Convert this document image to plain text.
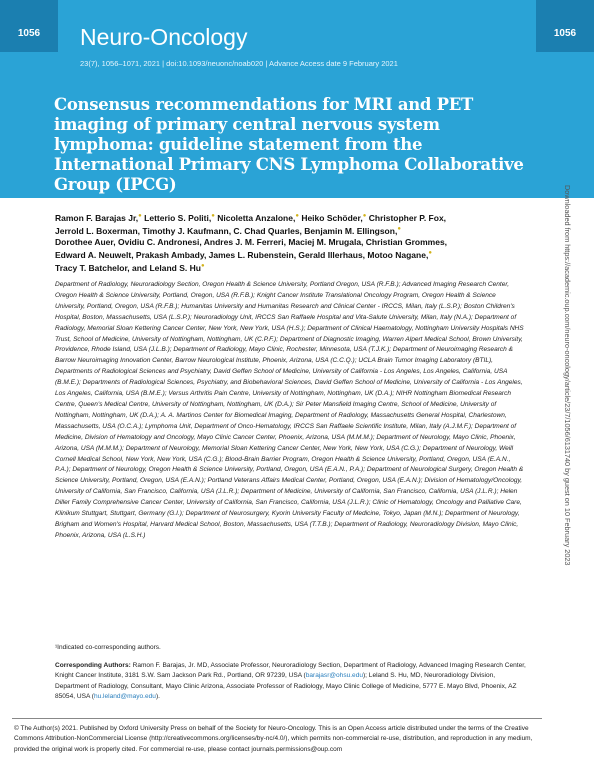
1056	1056
Neuro-Oncology
23(7), 1056–1071, 2021 | doi:10.1093/neuonc/noab020 | Advance Access date 9 February 2021
Consensus recommendations for MRI and PET imaging of primary central nervous system lymphoma: guideline statement from the International Primary CNS Lymphoma Collaborative Group (IPCG)
Ramon F. Barajas Jr,● Letterio S. Politi,● Nicoletta Anzalone,● Heiko Schöder,● Christopher P. Fox,
Jerrold L. Boxerman, Timothy J. Kaufmann, C. Chad Quarles, Benjamin M. Ellingson,●
Dorothee Auer, Ovidiu C. Andronesi, Andres J. M. Ferreri, Maciej M. Mrugala, Christian Grommes,
Edward A. Neuwelt, Prakash Ambady, James L. Rubenstein, Gerald Illerhaus, Motoo Nagane,●
Tracy T. Batchelor, and Leland S. Hu●
Department of Radiology, Neuroradiology Section, Oregon Health & Science University, Portland Oregon, USA (R.F.B.); Advanced Imaging Research Center, Oregon Health & Science University, Portland, Oregon, USA (R.F.B.); Knight Cancer Institute Translational Oncology Program, Oregon Health & Science University, Portland, Oregon, USA (R.F.B.); Humanitas University and Humanitas Research and Clinical Center - IRCCS, Milan, Italy (L.S.P.); Boston Children's Hospital, Boston, Massachusetts, USA (L.S.P.); Neuroradiology Unit, IRCCS San Raffaele Hospital and Vita-Salute University, Milan, Italy (N.A.); Department of Radiology, Memorial Sloan Kettering Cancer Center, New York, New York, USA (H.S.); Department of Clinical Haematology, Nottingham University Hospitals NHS Trust, School of Medicine, University of Nottingham, Nottingham, UK (C.P.F.); Department of Diagnostic Imaging, Warren Alpert Medical School, Brown University, Providence, Rhode Island, USA (J.L.B.); Department of Radiology, Mayo Clinic, Rochester, Minnesota, USA (T.J.K.); Department of Neuroimaging Research & Barrow Neuroimaging Innovation Center, Barrow Neurological Institute, Phoenix, Arizona, USA (C.C.Q.); UCLA Brain Tumor Imaging Laboratory (BTIL), Departments of Radiological Sciences and Psychiatry, David Geffen School of Medicine, University of California - Los Angeles, Los Angeles, California, USA (B.M.E.); Departments of Radiological Sciences, Psychiatry, and Biobehavioral Sciences, David Geffen School of Medicine, University of California - Los Angeles, Los Angeles, California, USA (B.M.E.); Versus Arthritis Pain Centre, University of Nottingham, Nottingham, UK (D.A.); NIHR Nottingham Biomedical Research Centre, Queen's Medical Centre, University of Nottingham, Nottingham, UK (D.A.); Sir Peter Mansfield Imaging Centre, School of Medicine, University of Nottingham, Nottingham, UK (D.A.); A. A. Martinos Center for Biomedical Imaging, Department of Radiology, Massachusetts General Hospital, Charlestown, Massachusetts, USA (O.C.A.); Lymphoma Unit, Department of Onco-Hematology, IRCCS San Raffaele Scientific Institute, Milan, Italy (A.J.M.F.); Department of Medicine, Division of Hematology and Oncology, Mayo Clinic Cancer Center, Phoenix, Arizona, USA (M.M.M.); Department of Neurology, Mayo Clinic, Phoenix, Arizona, USA (M.M.M.); Department of Neurology, Memorial Sloan Kettering Cancer Center, New York, New York, USA (C.G.); Department of Neurology, Weill Cornell Medical School, New York, New York, USA (C.G.); Blood-Brain Barrier Program, Oregon Health & Science University, Portland, Oregon, USA (E.A.N., P.A.); Department of Neurology, Oregon Health & Science University, Portland, Oregon, USA (E.A.N., P.A.); Department of Neurological Surgery, Oregon Health & Science University, Portland, Oregon, USA (E.A.N.); Portland Veterans Affairs Medical Center, Portland, Oregon, USA (E.A.N.); Division of Hematology/Oncology, University of California, San Francisco, California, USA (J.L.R.); Department of Medicine, University of California, San Francisco, California, USA (J.L.R.); Helen Diller Family Comprehensive Cancer Center, University of California, San Francisco, California, USA (J.L.R.); Clinic of Hematology, Oncology and Palliative Care, Klinikum Stuttgart, Stuttgart, Germany (G.I.); Department of Neurosurgery, Kyorin University Faculty of Medicine, Tokyo, Japan (M.N.); Department of Neurology, Brigham and Women's Hospital, Harvard Medical School, Boston, Massachusetts, USA (T.T.B.); Department of Radiology, Neuroradiology Division, Mayo Clinic, Phoenix, Arizona, USA (L.S.H.)
¹Indicated co-corresponding authors.
Corresponding Authors: Ramon F. Barajas, Jr. MD, Associate Professor, Neuroradiology Section, Department of Radiology, Advanced Imaging Research Center, Knight Cancer Institute, 3181 S.W. Sam Jackson Park Rd., Portland, OR 97239, USA (barajasr@ohsu.edu); Leland S. Hu, MD, Neuroradiology Division, Department of Radiology, Consultant, Mayo Clinic Arizona, Associate Professor of Radiology, Mayo Clinic College of Medicine, 5777 E. Mayo Blvd, Phoenix, AZ 85054, USA (hu.leland@mayo.edu).
© The Author(s) 2021. Published by Oxford University Press on behalf of the Society for Neuro-Oncology. This is an Open Access article distributed under the terms of the Creative Commons Attribution-NonCommercial License (http://creativecommons.org/licenses/by-nc/4.0/), which permits non-commercial re-use, distribution, and reproduction in any medium, provided the original work is properly cited. For commercial re-use, please contact journals.permissions@oup.com
Downloaded from https://academic.oup.com/neuro-oncology/article/23/7/1056/6131740 by guest on 10 February 2023
